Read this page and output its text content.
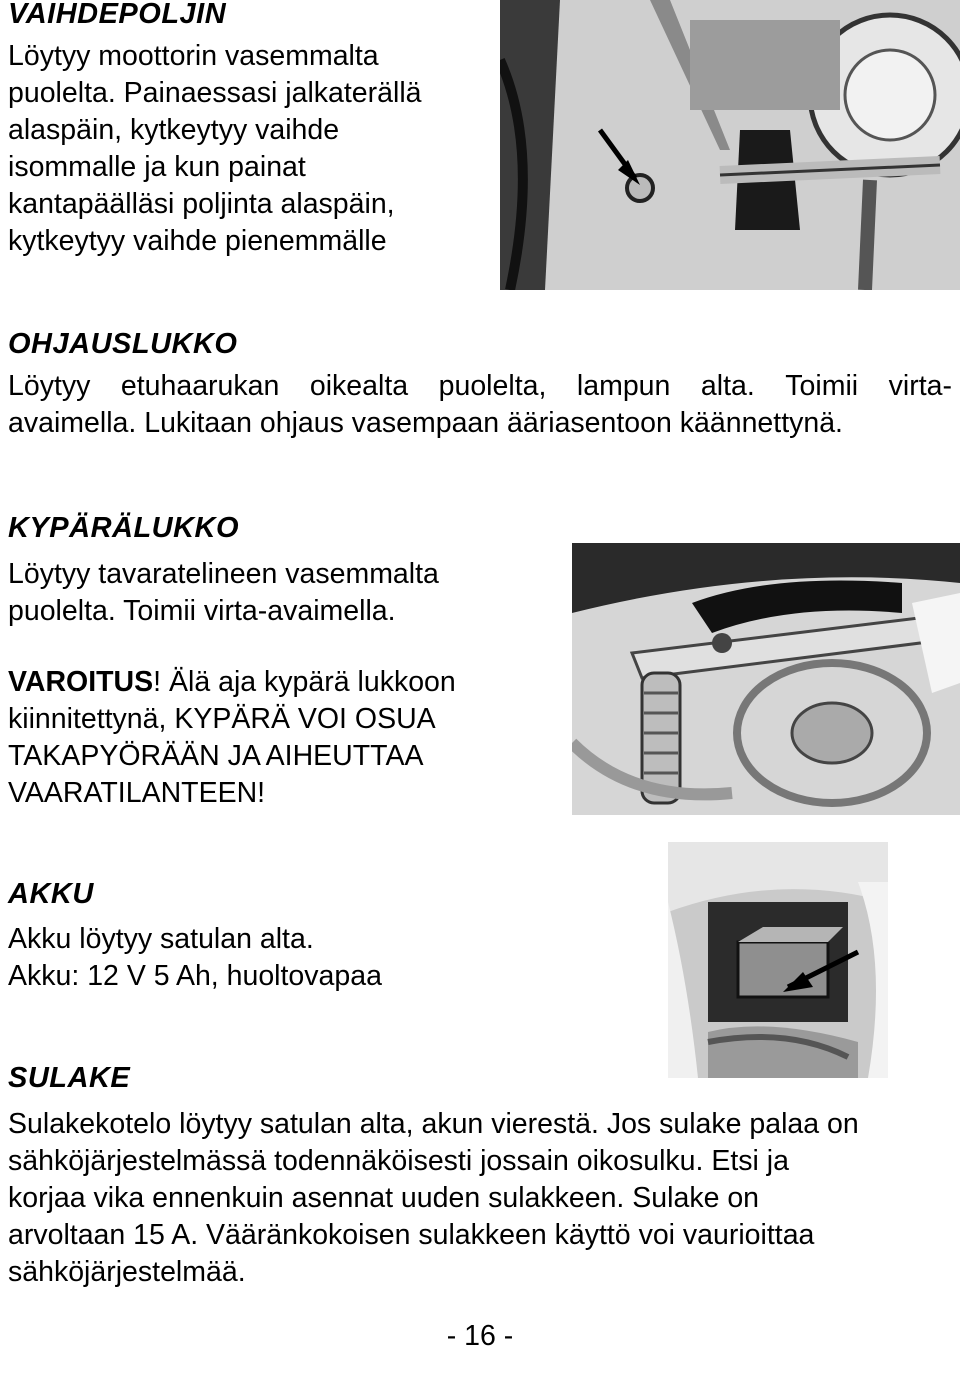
VAIHDEPOLJIN

Löytyy moottorin vasemmalta

puolelta. Painaessasi jalkaterällä

alaspäin, kytkeytyy vaihde

isommalle ja kun painat

kantapäälläsi poljinta alaspäin,

kytkeytyy vaihde pienemmälle

OHJAUSLUKKO
Löytyy etuhaarukan oikealta puolelta, lampun alta. Toimii virta-

avaimella. Lukitaan ohjaus vasempaan ääriasentoon käännettynä.

KYPÄRÄLUKKO

Löytyy tavaratelineen vasemmalta

puolelta. Toimii virta-avaimella.

VAROITUS! Älä aja kypärä lukkoon

kiinnitettynä, KYPÄRÄ VOI OSUA

TAKAPYÖRÄÄN JA AIHEUTTAA

VAARATILANTEEN!

AKKU

Akku löytyy satulan alta.

Akku: 12 V 5 Ah, huoltovapaa

SULAKE

Sulakekotelo löytyy satulan alta, akun vierestä. Jos sulake palaa on

sähköjärjestelmässä todennäköisesti jossain oikosulku. Etsi ja

korjaa vika ennenkuin asennat uuden sulakkeen. Sulake on

arvoltaan 15 A. Vääränkokoisen sulakkeen käyttö voi vaurioittaa

sähköjärjestelmää.

- 16 -
